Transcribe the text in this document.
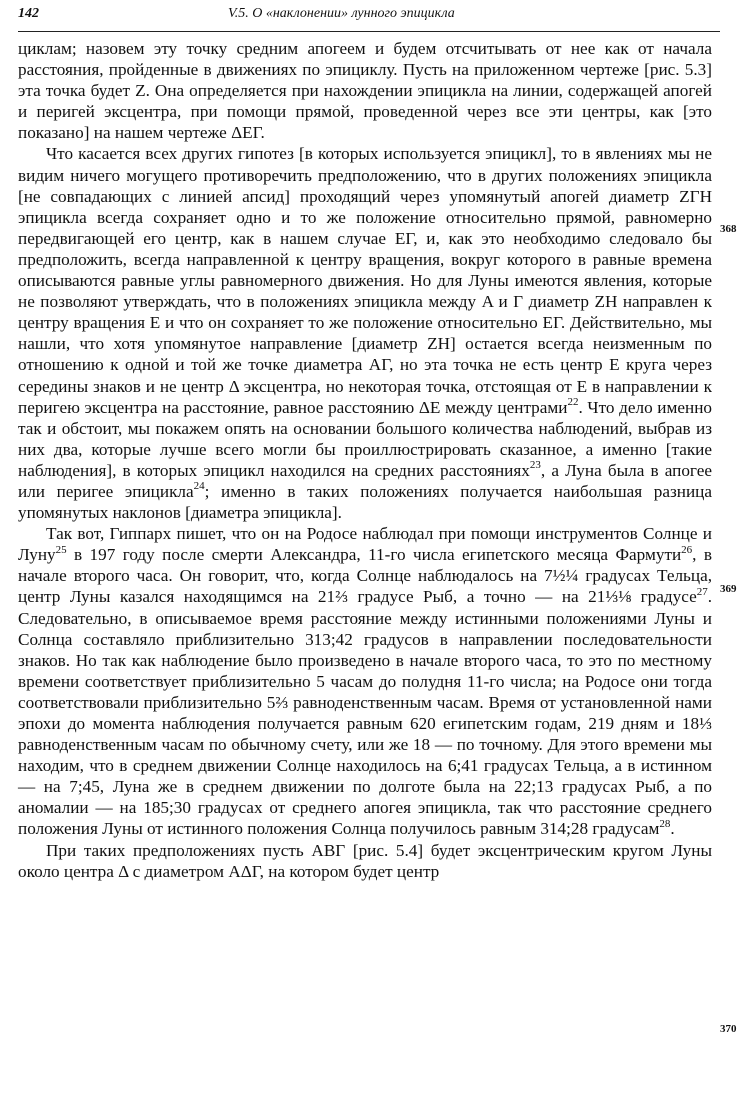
142	V.5. О «наклонении» лунного эпицикла

циклам; назовем эту точку средним апогеем и будем отсчитывать от нее как от начала расстояния, пройденные в движениях по эпициклу. Пусть на приложенном чертеже [рис. 5.3] эта точка будет Ζ. Она определяется при нахождении эпицикла на линии, содержащей апогей и перигей эксцентра, при помощи прямой, проведенной через все эти центры, как [это показано] на нашем чертеже ΔΕΓ.

Что касается всех других гипотез [в которых используется эпицикл], то в явлениях мы не видим ничего могущего противоречить предположению, что в других положениях эпицикла [не совпадающих с линией апсид] проходящий через упомянутый апогей диаметр ΖΓΗ эпицикла всегда сохраняет одно и то же положение относительно прямой, равномерно передвигающей его центр, как в нашем случае ΕΓ, и, как это необходимо следовало бы предположить, всегда направленной к центру вращения, вокруг которого в равные времена описываются равные углы равномерного движения. Но для Луны имеются явления, которые не позволяют утверждать, что в положениях эпицикла между Α и Γ диаметр ΖΗ направлен к центру вращения Ε и что он сохраняет то же положение относительно ΕΓ. Действительно, мы нашли, что хотя упомянутое направление [диаметр ΖΗ] остается всегда неизменным по отношению к одной и той же точке диаметра ΑΓ, но эта точка не есть центр Ε круга через середины знаков и не центр Δ эксцентра, но некоторая точка, отстоящая от Ε в направлении к перигею эксцентра на расстояние, равное расстоянию ΔΕ между центрами$^{22}$. Что дело именно так и обстоит, мы покажем опять на основании большого количества наблюдений, выбрав из них два, которые лучше всего могли бы проиллюстрировать сказанное, а именно [такие наблюдения], в которых эпицикл находился на средних расстояниях$^{23}$, а Луна была в апогее или перигее эпицикла$^{24}$; именно в таких положениях получается наибольшая разница упомянутых наклонов [диаметра эпицикла].

Так вот, Гиппарх пишет, что он на Родосе наблюдал при помощи инструментов Солнце и Луну$^{25}$ в 197 году после смерти Александра, 11-го числа египетского месяца Фармути$^{26}$, в начале второго часа. Он говорит, что, когда Солнце наблюдалось на 7½¼ градусах Тельца, центр Луны казался находящимся на 21⅔ градусе Рыб, а точно — на 21⅓⅛ градусе$^{27}$. Следовательно, в описываемое время расстояние между истинными положениями Луны и Солнца составляло приблизительно 313;42 градусов в направлении последовательности знаков. Но так как наблюдение было произведено в начале второго часа, то это по местному времени соответствует приблизительно 5 часам до полудня 11-го числа; на Родосе они тогда соответствовали приблизительно 5⅔ равноденственным часам. Время от установленной нами эпохи до момента наблюдения получается равным 620 египетским годам, 219 дням и 18⅓ равноденственным часам по обычному счету, или же 18 — по точному. Для этого времени мы находим, что в среднем движении Солнце находилось на 6;41 градусах Тельца, а в истинном — на 7;45, Луна же в среднем движении по долготе была на 22;13 градусах Рыб, а по аномалии — на 185;30 градусах от среднего апогея эпицикла, так что расстояние среднего положения Луны от истинного положения Солнца получилось равным 314;28 градусам$^{28}$.

При таких предположениях пусть ΑΒΓ [рис. 5.4] будет эксцентрическим кругом Луны около центра Δ с диаметром ΑΔΓ, на котором будет центр

368
369
370
